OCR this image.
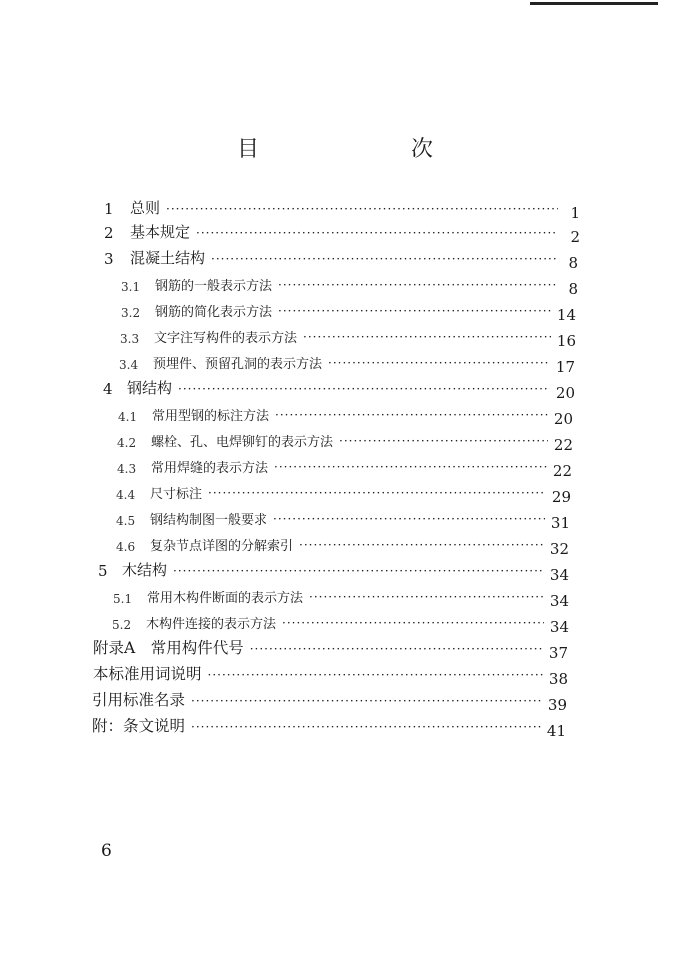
目　　次
1	总则 ·····	1
2	基本规定 ·····	2
3	混凝土结构 ·····	8
3.1	钢筋的一般表示方法 ·····	8
3.2	钢筋的简化表示方法 ·····	14
3.3	文字注写构件的表示方法 ·····	16
3.4	预埋件、预留孔洞的表示方法 ·····	17
4 钢结构 ·····	20
4.1	常用型钢的标注方法 ·····	20
4.2	螺栓、孔、电焊铆钉的表示方法 ·····	22
4.3	常用焊缝的表示方法 ·····	22
4.4	尺寸标注 ·····	29
4.5	钢结构制图一般要求 ·····	31
4.6	复杂节点详图的分解索引 ·····	32
5 木结构 ·····	34
5.1	常用木构件断面的表示方法 ·····	34
5.2	木构件连接的表示方法 ·····	34
附录A　常用构件代号 ·····	37
本标准用词说明 ·····	38
引用标准名录 ·····	39
附：条文说明 ·····	41
6
